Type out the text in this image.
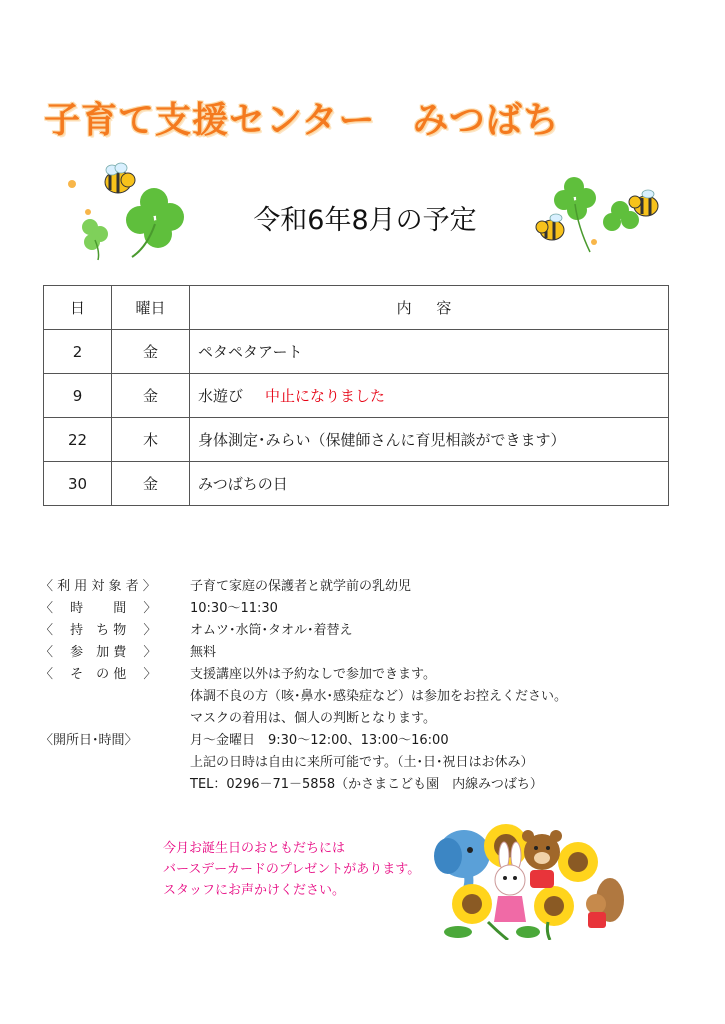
子育て支援センター　みつばち
令和6年8月の予定
日	曜日	内 容
2	金	ペタペタアート
9	金	水遊び 中止になりました
22	木	身体測定･みらい（保健師さんに育児相談ができます）
30	金	みつばちの日
〈 利 用 対 象 者 〉	子育て家庭の保護者と就学前の乳幼児
〈　 時　 　間　 〉	10:30～11:30
〈　 持　ち 物　 〉	オムツ･水筒･タオル･着替え
〈　 参　加 費　 〉	無料
〈　 そ　の 他　 〉	支援講座以外は予約なしで参加できます。
体調不良の方（咳･鼻水･感染症など）は参加をお控えください。
マスクの着用は、個人の判断となります。
〈開所日･時間〉	月～金曜日　9:30～12:00、13:00～16:00
上記の日時は自由に来所可能です。（土･日･祝日はお休み）
TEL：0296－71－5858（かさまこども園　内線みつばち）
今月お誕生日のおともだちには
バースデーカードのプレゼントがあります。
スタッフにお声かけください。
